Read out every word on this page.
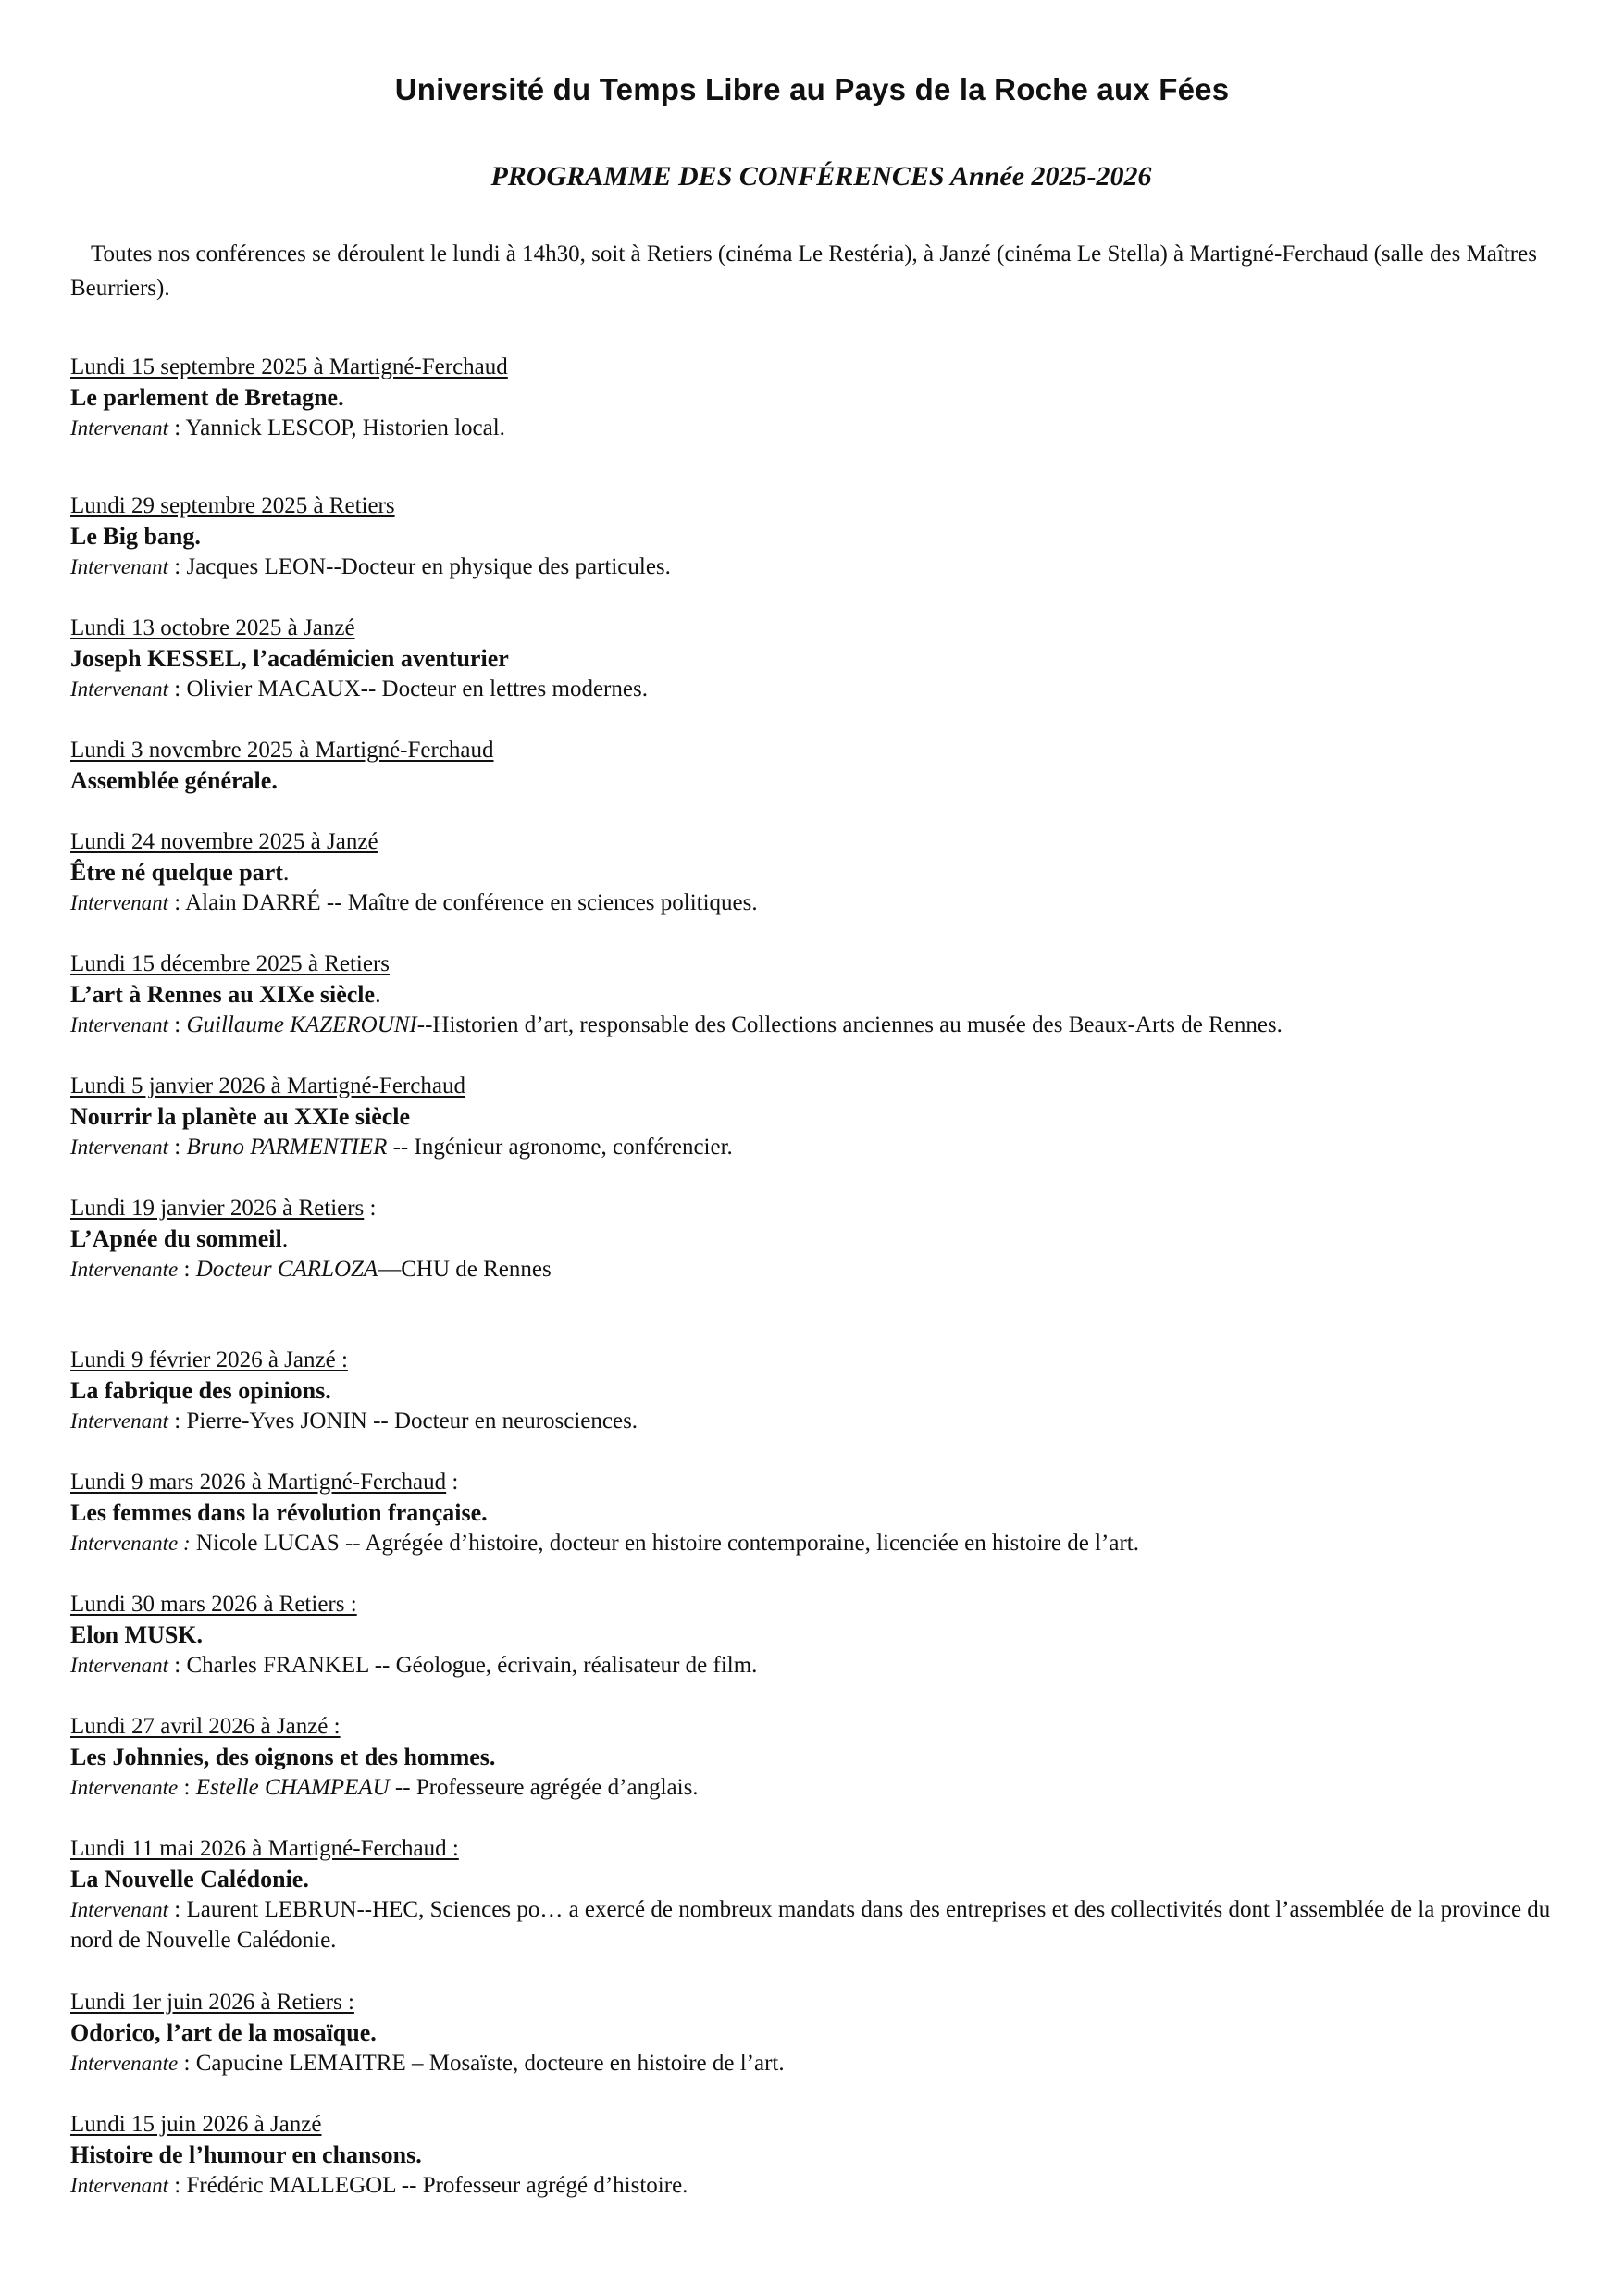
Université du Temps Libre au Pays de la Roche aux Fées
PROGRAMME DES CONFÉRENCES Année 2025-2026

Toutes nos conférences se déroulent le lundi à 14h30, soit à Retiers (cinéma Le Restéria), à Janzé (cinéma Le Stella) à Martigné-Ferchaud (salle des Maîtres Beurriers).

Lundi 15 septembre 2025 à Martigné-Ferchaud
Le parlement de Bretagne.
Intervenant : Yannick LESCOP, Historien local.
Lundi 29 septembre 2025 à Retiers
Le Big bang.
Intervenant : Jacques LEON--Docteur en physique des particules.
Lundi 13 octobre 2025 à Janzé
Joseph KESSEL, l’académicien aventurier
Intervenant : Olivier MACAUX-- Docteur en lettres modernes.
Lundi 3 novembre 2025 à Martigné-Ferchaud
Assemblée générale.
Lundi 24 novembre 2025 à Janzé
Être né quelque part.
Intervenant : Alain DARRÉ -- Maître de conférence en sciences politiques.
Lundi 15 décembre 2025 à Retiers
L’art à Rennes au XIXe siècle.
Intervenant : Guillaume KAZEROUNI--Historien d’art, responsable des Collections anciennes au musée des Beaux-Arts de Rennes.
Lundi 5 janvier 2026 à Martigné-Ferchaud
Nourrir la planète au XXIe siècle
Intervenant : Bruno PARMENTIER -- Ingénieur agronome, conférencier.
Lundi 19 janvier 2026 à Retiers :
L’Apnée du sommeil.
Intervenante : Docteur CARLOZA—CHU de Rennes
Lundi 9 février 2026 à Janzé :
La fabrique des opinions.
Intervenant : Pierre-Yves JONIN -- Docteur en neurosciences.
Lundi 9 mars 2026 à Martigné-Ferchaud :
Les femmes dans la révolution française.
Intervenante : Nicole LUCAS -- Agrégée d’histoire, docteur en histoire contemporaine, licenciée en histoire de l’art.
Lundi 30 mars 2026 à Retiers :
Elon MUSK.
Intervenant : Charles FRANKEL -- Géologue, écrivain, réalisateur de film.
Lundi 27 avril 2026 à Janzé :
Les Johnnies, des oignons et des hommes.
Intervenante : Estelle CHAMPEAU -- Professeure agrégée d’anglais.
Lundi 11 mai 2026 à Martigné-Ferchaud :
La Nouvelle Calédonie.
Intervenant : Laurent LEBRUN--HEC, Sciences po… a exercé de nombreux mandats dans des entreprises et des collectivités dont l’assemblée de la province du nord de Nouvelle Calédonie.
Lundi 1er juin 2026 à Retiers :
Odorico, l’art de la mosaïque.
Intervenante : Capucine LEMAITRE – Mosaïste, docteure en histoire de l’art.
Lundi 15 juin 2026 à Janzé
Histoire de l’humour en chansons.
Intervenant : Frédéric MALLEGOL -- Professeur agrégé d’histoire.
